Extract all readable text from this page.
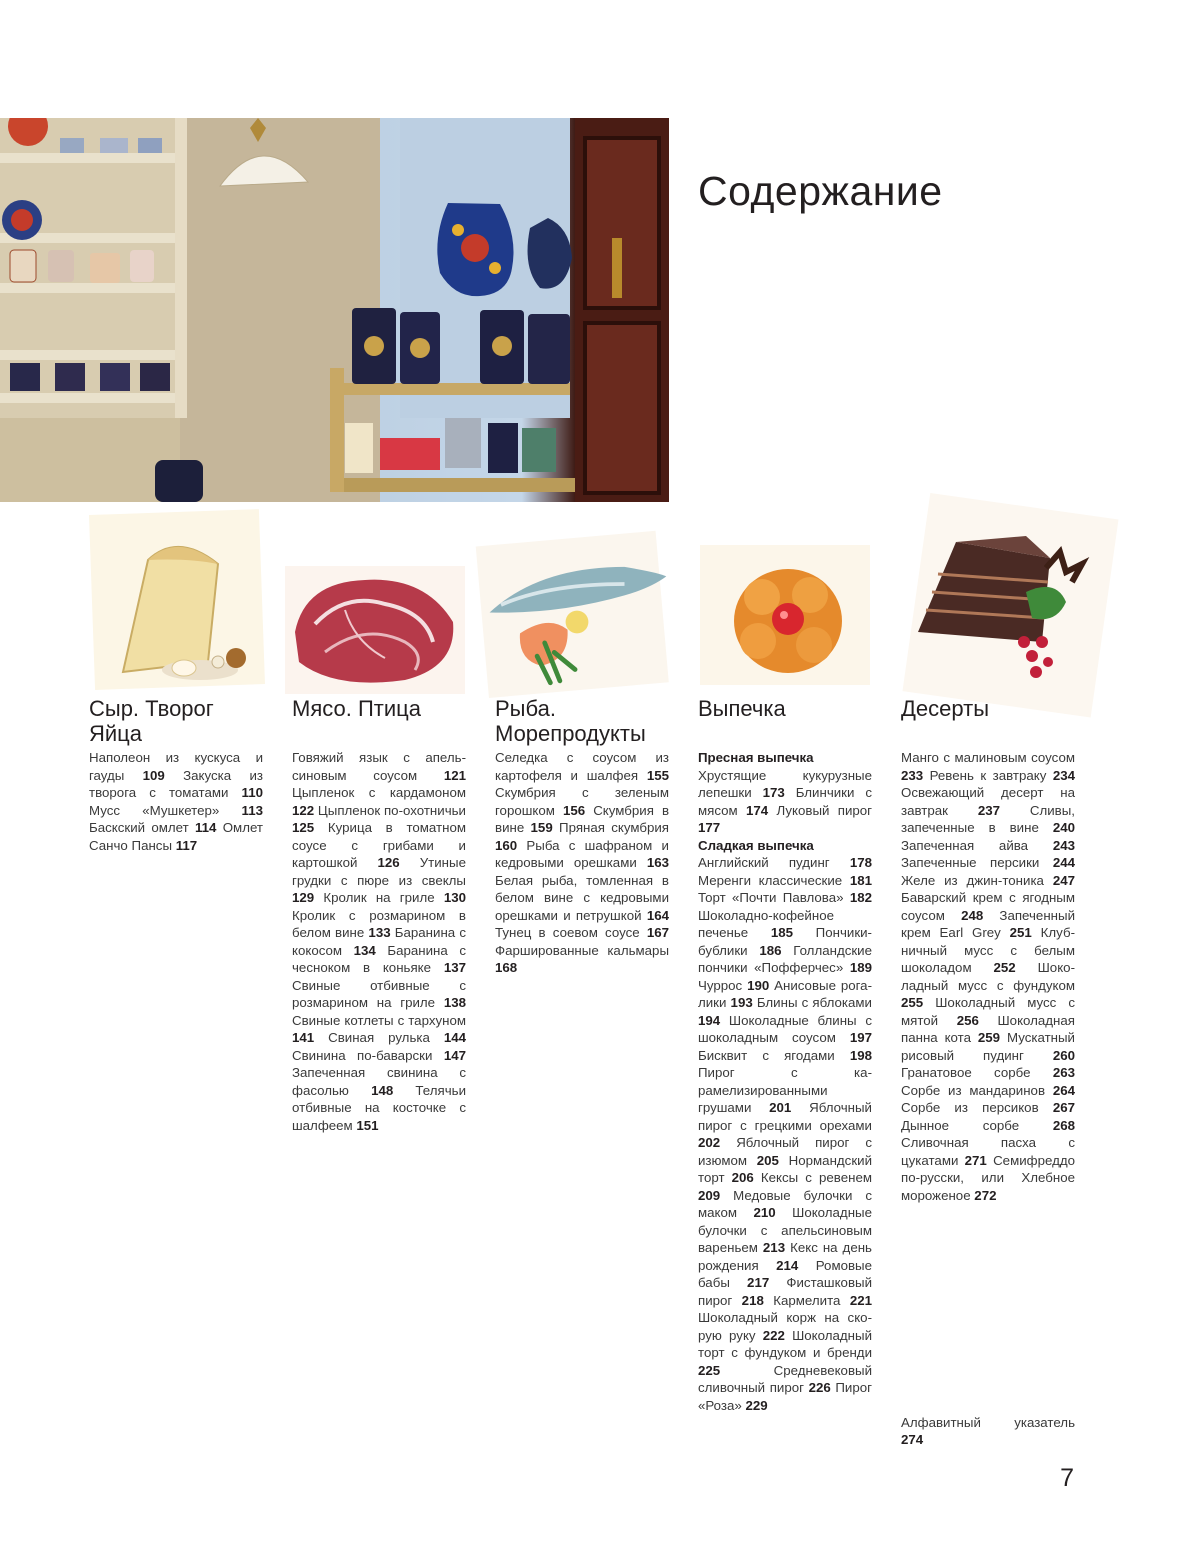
Содержание
Сыр. Творог Яйца
Мясо. Птица	Рыба. Морепродукты
Выпечка	Десерты

Наполеон из кускуса и гауды 109 Закуска из творога с томатами 110 Мусс «Мушкетер» 113 Баскский омлет 114 Омлет Санчо Пансы 117

Говяжий язык с апельсиновым соусом 121 Цыпленок с кардамоном 122 Цыпленок по-охотничьи 125 Курица в томатном соусе с грибами и картошкой 126 Утиные грудки с пюре из свеклы 129 Кролик на гриле 130 Кролик с розмарином в белом вине 133 Баранина с кокосом 134 Баранина с чесноком в коньяке 137 Свиные отбивные с розмарином на гриле 138 Свиные котлеты с тархуном 141 Свиная рулька 144 Свинина по-баварски 147 Запеченная свинина с фасолью 148 Телячьи отбивные на косточке с шалфеем 151

Селедка с соусом из картофеля и шалфея 155 Скумбрия с зеленым горошком 156 Скумбрия в вине 159 Пряная скумбрия 160 Рыба с шафраном и кедровыми орешками 163 Белая рыба, томленная в белом вине с кедровыми орешками и петрушкой 164 Тунец в соевом соусе 167 Фаршированные кальмары 168

Пресная выпечка
Хрустящие кукурузные лепешки 173 Блинчики с мясом 174 Луковый пирог 177
Сладкая выпечка
Английский пудинг 178 Меренги классические 181 Торт «Почти Павлова» 182 Шоколадно-кофейное печенье 185 Пончики-бублики 186 Голландские пончики «Пофферчес» 189 Чуррос 190 Анисовые рогалики 193 Блины с яблоками 194 Шоколадные блины с шоколадным соусом 197 Бисквит с ягодами 198 Пирог с карамелизированными грушами 201 Яблочный пирог с грецкими орехами 202 Яблочный пирог с изюмом 205 Нормандский торт 206 Кексы с ревенем 209 Медовые булочки с маком 210 Шоколадные булочки с апельсиновым вареньем 213 Кекс на день рождения 214 Ромовые бабы 217 Фисташковый пирог 218 Кармелита 221 Шоколадный корж на скорую руку 222 Шоколадный торт с фундуком и бренди 225 Средневековый сливочный пирог 226 Пирог «Роза» 229

Манго с малиновым соусом 233 Ревень к завтраку 234 Освежающий десерт на завтрак 237 Сливы, запеченные в вине 240 Запеченная айва 243 Запеченные персики 244 Желе из джин-тоника 247 Баварский крем с ягодным соусом 248 Запеченный крем Earl Grey 251 Клубничный мусс с белым шоколадом 252 Шоколадный мусс с фундуком 255 Шоколадный мусс с мятой 256 Шоколадная панна кота 259 Мускатный рисовый пудинг 260 Гранатовое сорбе 263 Сорбе из мандаринов 264 Сорбе из персиков 267 Дынное сорбе 268 Сливочная пасха с цукатами 271 Семифреддо по-русски, или Хлебное мороженое 272

Алфавитный указатель
274
7
